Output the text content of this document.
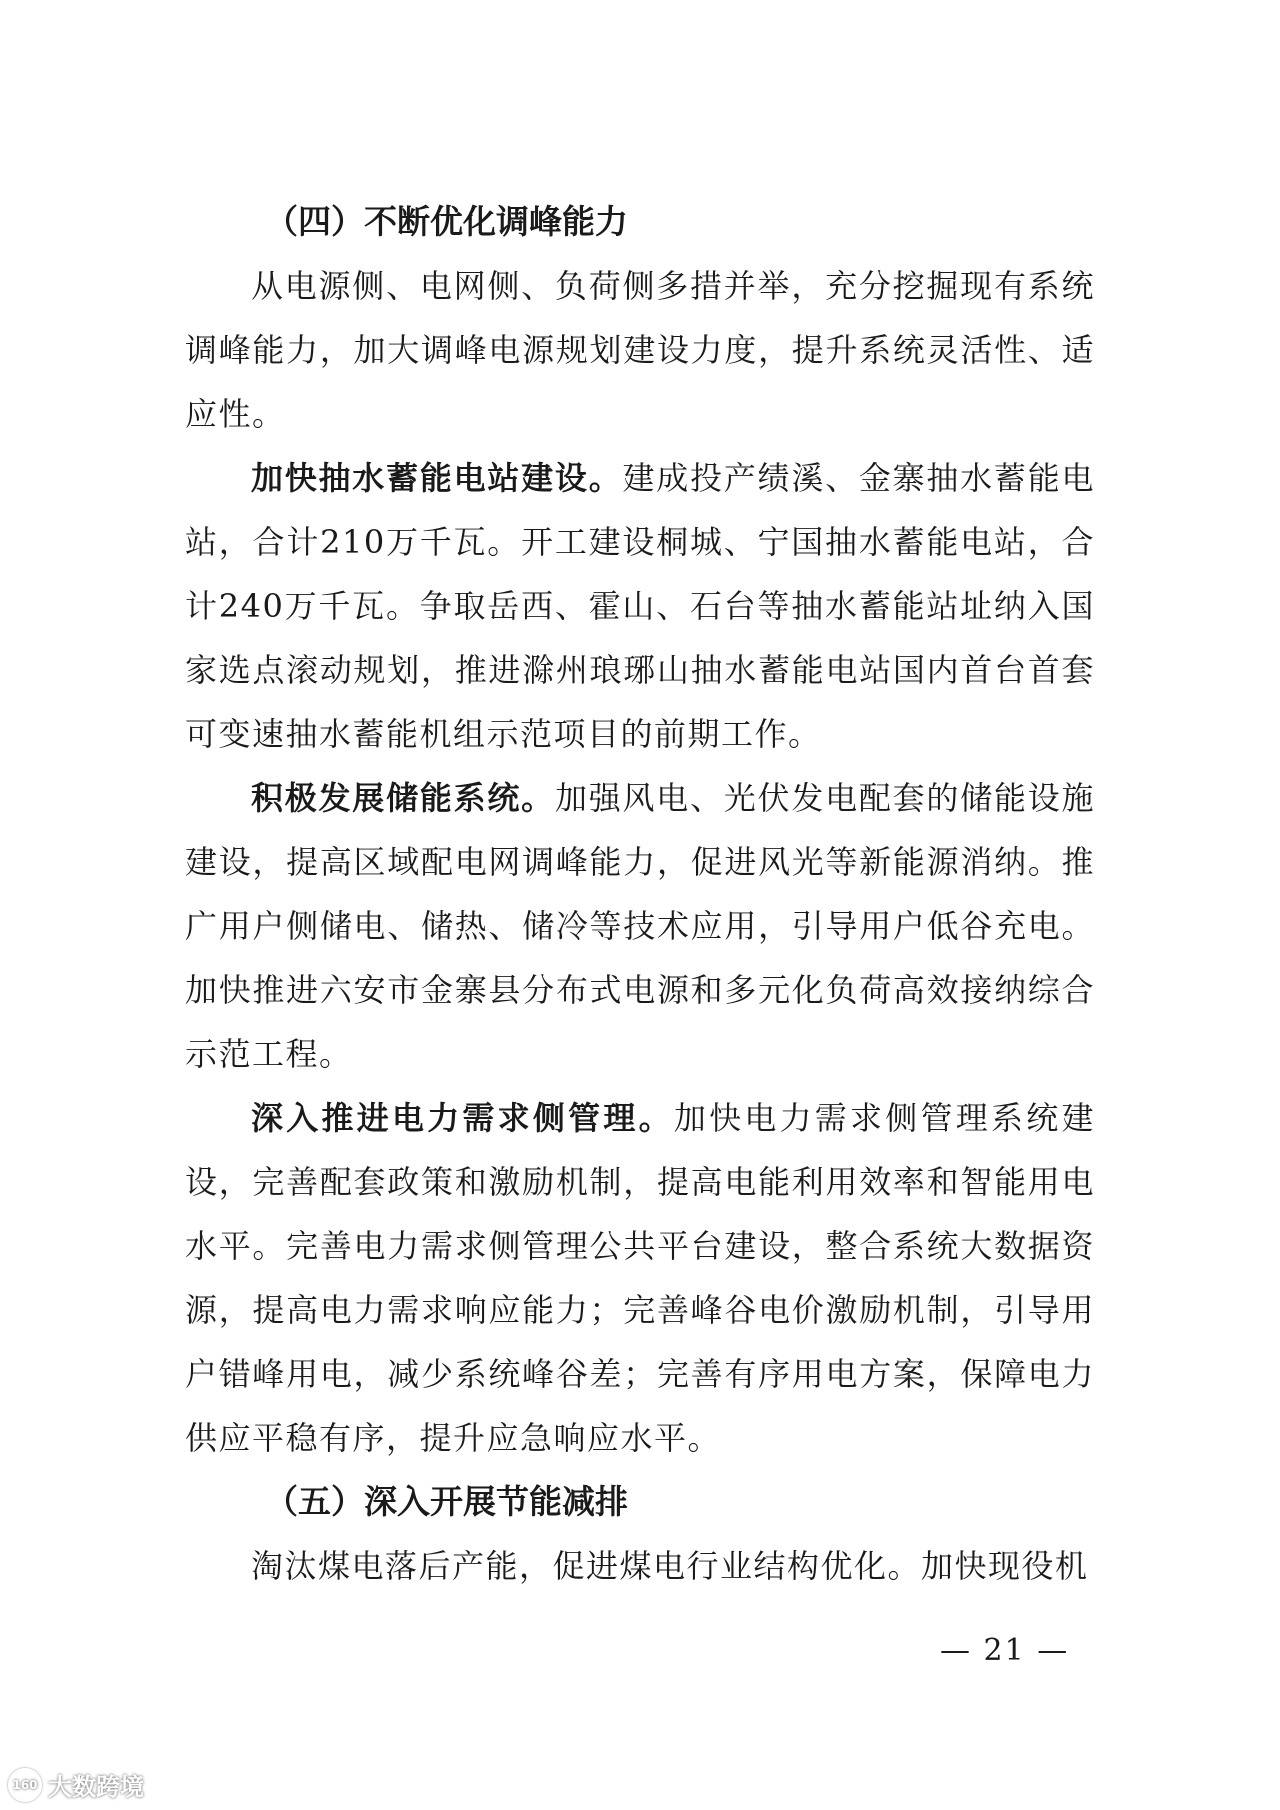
（四）不断优化调峰能力

从电源侧、电网侧、负荷侧多措并举，充分挖掘现有系统调峰能力，加大调峰电源规划建设力度，提升系统灵活性、适应性。

加快抽水蓄能电站建设。建成投产绩溪、金寨抽水蓄能电站，合计210万千瓦。开工建设桐城、宁国抽水蓄能电站，合计240万千瓦。争取岳西、霍山、石台等抽水蓄能站址纳入国家选点滚动规划，推进滁州琅琊山抽水蓄能电站国内首台首套可变速抽水蓄能机组示范项目的前期工作。

积极发展储能系统。加强风电、光伏发电配套的储能设施建设，提高区域配电网调峰能力，促进风光等新能源消纳。推广用户侧储电、储热、储冷等技术应用，引导用户低谷充电。加快推进六安市金寨县分布式电源和多元化负荷高效接纳综合示范工程。

深入推进电力需求侧管理。加快电力需求侧管理系统建设，完善配套政策和激励机制，提高电能利用效率和智能用电水平。完善电力需求侧管理公共平台建设，整合系统大数据资源，提高电力需求响应能力；完善峰谷电价激励机制，引导用户错峰用电，减少系统峰谷差；完善有序用电方案，保障电力供应平稳有序，提升应急响应水平。

（五）深入开展节能减排

淘汰煤电落后产能，促进煤电行业结构优化。加快现役机

— 21 —
160 大数跨境
